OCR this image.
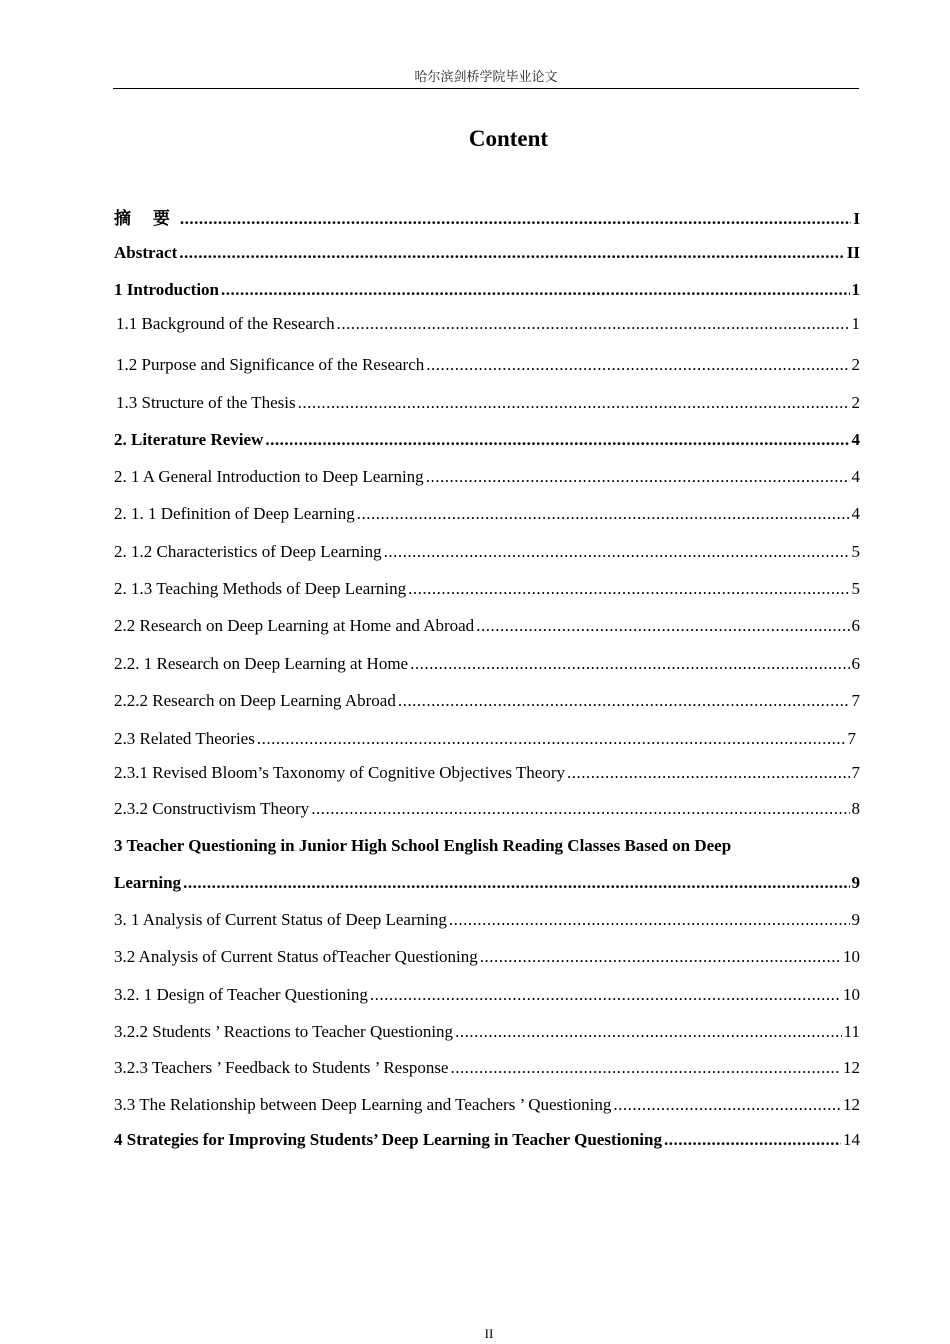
哈尔滨剑桥学院毕业论文
Content
摘 要 .....	I
Abstract .....	II
1 Introduction .....	1
1.1 Background of the Research .....	1
1.2 Purpose and Significance of the Research .....	2
1.3 Structure of the Thesis .....	2
2. Literature Review .....	4
2. 1 A General Introduction to Deep Learning .....	4
2. 1. 1 Definition of Deep Learning .....	4
2. 1.2 Characteristics of Deep Learning .....	5
2. 1.3 Teaching Methods of Deep Learning .....	5
2.2 Research on Deep Learning at Home and Abroad .....	6
2.2. 1 Research on Deep Learning at Home .....	6
2.2.2 Research on Deep Learning Abroad .....	7
2.3 Related Theories .....	7
2.3.1 Revised Bloom’s Taxonomy of Cognitive Objectives Theory .....	7
2.3.2 Constructivism Theory .....	8
3 Teacher Questioning in Junior High School English Reading Classes Based on Deep
Learning .....	9
3. 1 Analysis of Current Status of Deep Learning .....	9
3.2 Analysis of Current Status ofTeacher Questioning .....	10
3.2. 1 Design of Teacher Questioning .....	10
3.2.2 Students ’ Reactions to Teacher Questioning .....	11
3.2.3 Teachers ’ Feedback to Students ’ Response .....	12
3.3 The Relationship between Deep Learning and Teachers ’ Questioning .....	12
4 Strategies for Improving Students’ Deep Learning in Teacher Questioning .....	14
II
